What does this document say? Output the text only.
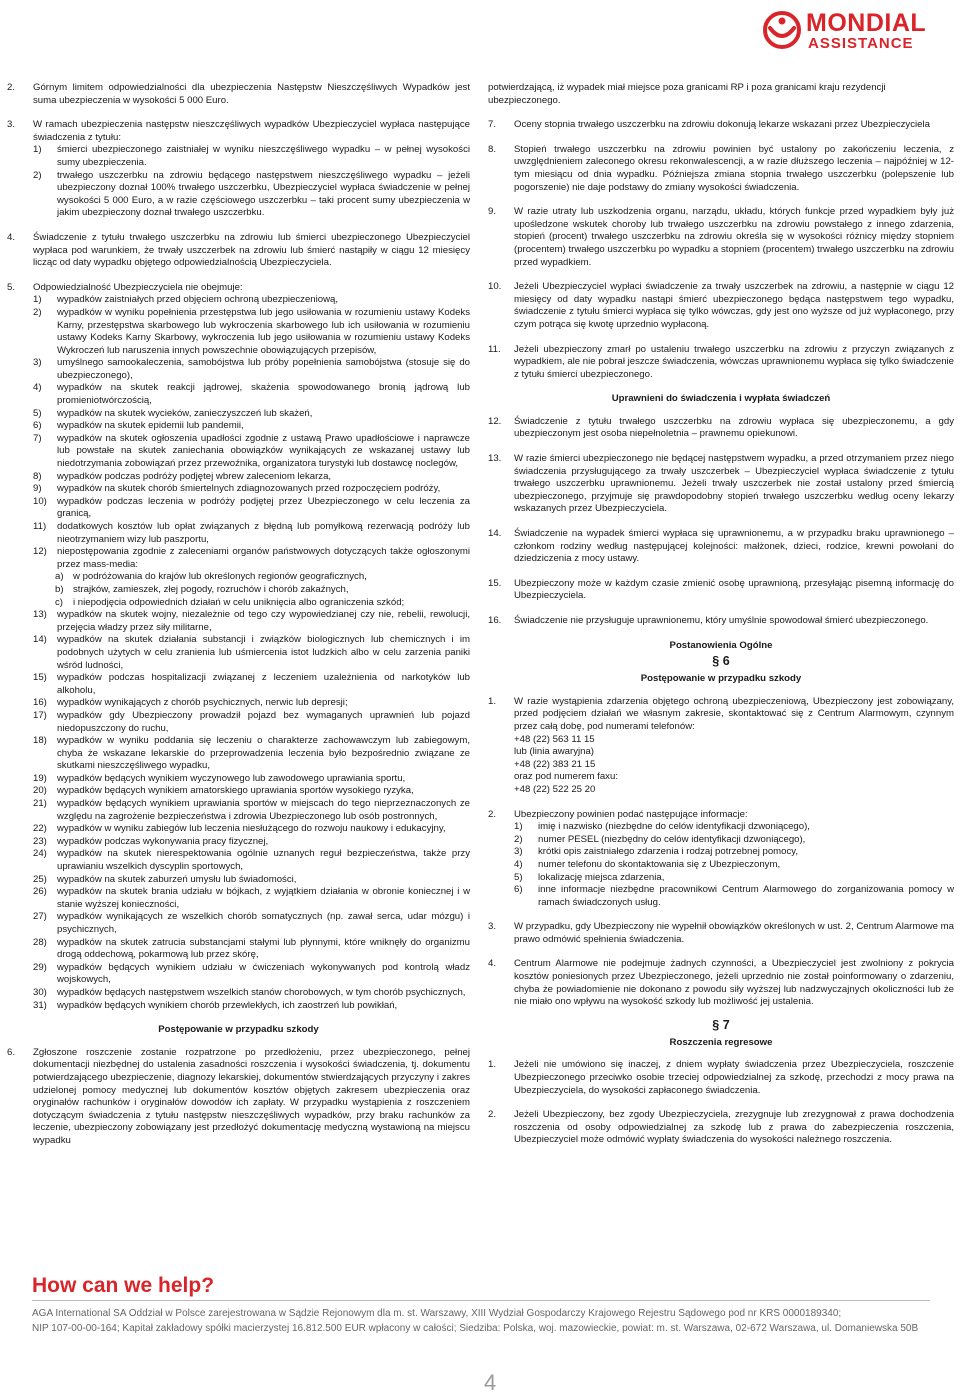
MONDIAL
ASSISTANCE
2. Górnym limitem odpowiedzialności dla ubezpieczenia Następstw Nieszczęśliwych Wypadków jest suma ubezpieczenia w wysokości 5 000 Euro.
3. W ramach ubezpieczenia następstw nieszczęśliwych wypadków Ubezpieczyciel wypłaca następujące świadczenia z tytułu:
1) śmierci ubezpieczonego zaistniałej w wyniku nieszczęśliwego wypadku – w pełnej wysokości sumy ubezpieczenia.
2) trwałego uszczerbku na zdrowiu będącego następstwem nieszczęśliwego wypadku – jeżeli ubezpieczony doznał 100% trwałego uszczerbku, Ubezpieczyciel wypłaca świadczenie w pełnej wysokości 5 000 Euro, a w razie częściowego uszczerbku – taki procent sumy ubezpieczenia w jakim ubezpieczony doznał trwałego uszczerbku.
4. Świadczenie z tytułu trwałego uszczerbku na zdrowiu lub śmierci ubezpieczonego Ubezpieczyciel wypłaca pod warunkiem, że trwały uszczerbek na zdrowiu lub śmierć nastąpiły w ciągu 12 miesięcy licząc od daty wypadku objętego odpowiedzialnością Ubezpieczyciela.
5. Odpowiedzialność Ubezpieczyciela nie obejmuje:
1) wypadków zaistniałych przed objęciem ochroną ubezpieczeniową,
2) wypadków w wyniku popełnienia przestępstwa lub jego usiłowania w rozumieniu ustawy Kodeks Karny, przestępstwa skarbowego lub wykroczenia skarbowego lub ich usiłowania w rozumieniu ustawy Kodeks Karny Skarbowy, wykroczenia lub jego usiłowania w rozumieniu ustawy Kodeks Wykroczeń lub naruszenia innych powszechnie obowiązujących przepisów,
3) umyślnego samookaleczenia, samobójstwa lub próby popełnienia samobójstwa (stosuje się do ubezpieczonego),
4) wypadków na skutek reakcji jądrowej, skażenia spowodowanego bronią jądrową lub promieniotwórczością,
5) wypadków na skutek wycieków, zanieczyszczeń lub skażeń,
6) wypadków na skutek epidemii lub pandemii,
7) wypadków na skutek ogłoszenia upadłości zgodnie z ustawą Prawo upadłościowe i naprawcze lub powstałe na skutek zaniechania obowiązków wynikających ze wskazanej ustawy lub niedotrzymania zobowiązań przez przewoźnika, organizatora turystyki lub dostawcę noclegów,
8) wypadków podczas podróży podjętej wbrew zaleceniom lekarza,
9) wypadków na skutek chorób śmiertelnych zdiagnozowanych przed rozpoczęciem podróży,
10) wypadków podczas leczenia w podróży podjętej przez Ubezpieczonego w celu leczenia za granicą,
11) dodatkowych kosztów lub opłat związanych z błędną lub pomyłkową rezerwacją podróży lub nieotrzymaniem wizy lub paszportu,
12) niepostępowania zgodnie z zaleceniami organów państwowych dotyczących także ogłoszonymi przez mass-media:
a) w podróżowania do krajów lub określonych regionów geograficznych,
b) strajków, zamieszek, złej pogody, rozruchów i chorób zakaźnych,
c) i niepodjęcia odpowiednich działań w celu uniknięcia albo ograniczenia szkód;
13) wypadków na skutek wojny, niezależnie od tego czy wypowiedzianej czy nie, rebelii, rewolucji, przejęcia władzy przez siły militarne,
14) wypadków na skutek działania substancji i związków biologicznych lub chemicznych i im podobnych użytych w celu zranienia lub uśmiercenia istot ludzkich albo w celu zarzenia paniki wśród ludności,
15) wypadków podczas hospitalizacji związanej z leczeniem uzależnienia od narkotyków lub alkoholu,
16) wypadków wynikających z chorób psychicznych, nerwic lub depresji;
17) wypadków gdy Ubezpieczony prowadził pojazd bez wymaganych uprawnień lub pojazd niedopuszczony do ruchu,
18) wypadków w wyniku poddania się leczeniu o charakterze zachowawczym lub zabiegowym, chyba że wskazane lekarskie do przeprowadzenia leczenia było bezpośrednio związane ze skutkami nieszczęśliwego wypadku,
19) wypadków będących wynikiem wyczynowego lub zawodowego uprawiania sportu,
20) wypadków będących wynikiem amatorskiego uprawiania sportów wysokiego ryzyka,
21) wypadków będących wynikiem uprawiania sportów w miejscach do tego nieprzeznaczonych ze względu na zagrożenie bezpieczeństwa i zdrowia Ubezpieczonego lub osób postronnych,
22) wypadków w wyniku zabiegów lub leczenia niesłużącego do rozwoju naukowy i edukacyjny,
23) wypadków podczas wykonywania pracy fizycznej,
24) wypadków na skutek nierespektowania ogólnie uznanych reguł bezpieczeństwa, także przy uprawianiu wszelkich dyscyplin sportowych,
25) wypadków na skutek zaburzeń umysłu lub świadomości,
26) wypadków na skutek brania udziału w bójkach, z wyjątkiem działania w obronie koniecznej i w stanie wyższej konieczności,
27) wypadków wynikających ze wszelkich chorób somatycznych (np. zawał serca, udar mózgu) i psychicznych,
28) wypadków na skutek zatrucia substancjami stałymi lub płynnymi, które wniknęły do organizmu drogą oddechową, pokarmową lub przez skórę,
29) wypadków będących wynikiem udziału w ćwiczeniach wykonywanych pod kontrolą władz wojskowych,
30) wypadków będących następstwem wszelkich stanów chorobowych, w tym chorób psychicznych,
31) wypadków będących wynikiem chorób przewlekłych, ich zaostrzeń lub powikłań,
Postępowanie w przypadku szkody
6. Zgłoszone roszczenie zostanie rozpatrzone po przedłożeniu, przez ubezpieczonego, pełnej dokumentacji niezbędnej do ustalenia zasadności roszczenia i wysokości świadczenia, tj. dokumentu potwierdzającego ubezpieczenie, diagnozy lekarskiej, dokumentów stwierdzających przyczyny i zakres udzielonej pomocy medycznej lub dokumentów kosztów objętych zakresem ubezpieczenia oraz oryginałów rachunków i oryginałów dowodów ich zapłaty. W przypadku wystąpienia z roszczeniem dotyczącym świadczenia z tytułu następstw nieszczęśliwych wypadków, przy braku rachunków za leczenie, ubezpieczony zobowiązany jest przedłożyć dokumentację medyczną wystawioną na miejscu wypadku
potwierdzającą, iż wypadek miał miejsce poza granicami RP i poza granicami kraju rezydencji ubezpieczonego.
7. Oceny stopnia trwałego uszczerbku na zdrowiu dokonują lekarze wskazani przez Ubezpieczyciela
8. Stopień trwałego uszczerbku na zdrowiu powinien być ustalony po zakończeniu leczenia, z uwzględnieniem zaleconego okresu rekonwalescencji, a w razie dłuższego leczenia – najpóźniej w 12-tym miesiącu od dnia wypadku. Późniejsza zmiana stopnia trwałego uszczerbku (polepszenie lub pogorszenie) nie daje podstawy do zmiany wysokości świadczenia.
9. W razie utraty lub uszkodzenia organu, narządu, układu, których funkcje przed wypadkiem były już upośledzone wskutek choroby lub trwałego uszczerbku na zdrowiu powstałego z innego zdarzenia, stopień (procent) trwałego uszczerbku na zdrowiu określa się w wysokości różnicy między stopniem (procentem) trwałego uszczerbku po wypadku a stopniem (procentem) trwałego uszczerbku na zdrowiu przed wypadkiem.
10. Jeżeli Ubezpieczyciel wypłaci świadczenie za trwały uszczerbek na zdrowiu, a następnie w ciągu 12 miesięcy od daty wypadku nastąpi śmierć ubezpieczonego będąca następstwem tego wypadku, świadczenie z tytułu śmierci wypłaca się tylko wówczas, gdy jest ono wyższe od już wypłaconego, przy czym potrąca się kwotę uprzednio wypłaconą.
11. Jeżeli ubezpieczony zmarł po ustaleniu trwałego uszczerbku na zdrowiu z przyczyn związanych z wypadkiem, ale nie pobrał jeszcze świadczenia, wówczas uprawnionemu wypłaca się tylko świadczenie z tytułu śmierci ubezpieczonego.
Uprawnieni do świadczenia i wypłata świadczeń
12. Świadczenie z tytułu trwałego uszczerbku na zdrowiu wypłaca się ubezpieczonemu, a gdy ubezpieczonym jest osoba niepełnoletnia – prawnemu opiekunowi.
13. W razie śmierci ubezpieczonego nie będącej następstwem wypadku, a przed otrzymaniem przez niego świadczenia przysługującego za trwały uszczerbek – Ubezpieczyciel wypłaca świadczenie z tytułu trwałego uszczerbku uprawnionemu. Jeżeli trwały uszczerbek nie został ustalony przed śmiercią ubezpieczonego, przyjmuje się prawdopodobny stopień trwałego uszczerbku według oceny lekarzy wskazanych przez Ubezpieczyciela.
14. Świadczenie na wypadek śmierci wypłaca się uprawnionemu, a w przypadku braku uprawnionego – członkom rodziny według następującej kolejności: małżonek, dzieci, rodzice, krewni powołani do dziedziczenia z mocy ustawy.
15. Ubezpieczony może w każdym czasie zmienić osobę uprawnioną, przesyłając pisemną informację do Ubezpieczyciela.
16. Świadczenie nie przysługuje uprawnionemu, który umyślnie spowodował śmierć ubezpieczonego.
Postanowienia Ogólne
§ 6
Postępowanie w przypadku szkody
1. W razie wystąpienia zdarzenia objętego ochroną ubezpieczeniową, Ubezpieczony jest zobowiązany, przed podjęciem działań we własnym zakresie, skontaktować się z Centrum Alarmowym, czynnym przez całą dobę, pod numerami telefonów:
+48 (22) 563 11 15
lub (linia awaryjna)
+48 (22) 383 21 15
oraz pod numerem faxu:
+48 (22) 522 25 20
2. Ubezpieczony powinien podać następujące informacje:
1) imię i nazwisko (niezbędne do celów identyfikacji dzwoniącego),
2) numer PESEL (niezbędny do celów identyfikacji dzwoniącego),
3) krótki opis zaistniałego zdarzenia i rodzaj potrzebnej pomocy,
4) numer telefonu do skontaktowania się z Ubezpieczonym,
5) lokalizację miejsca zdarzenia,
6) inne informacje niezbędne pracownikowi Centrum Alarmowego do zorganizowania pomocy w ramach świadczonych usług.
3. W przypadku, gdy Ubezpieczony nie wypełnił obowiązków określonych w ust. 2, Centrum Alarmowe ma prawo odmówić spełnienia świadczenia.
4. Centrum Alarmowe nie podejmuje żadnych czynności, a Ubezpieczyciel jest zwolniony z pokrycia kosztów poniesionych przez Ubezpieczonego, jeżeli uprzednio nie został poinformowany o zdarzeniu, chyba że powiadomienie nie dokonano z powodu siły wyższej lub nadzwyczajnych okoliczności lub że nie miało ono wpływu na wysokość szkody lub możliwość jej ustalenia.
§ 7
Roszczenia regresowe
1. Jeżeli nie umówiono się inaczej, z dniem wypłaty świadczenia przez Ubezpieczyciela, roszczenie Ubezpieczonego przeciwko osobie trzeciej odpowiedzialnej za szkodę, przechodzi z mocy prawa na Ubezpieczyciela, do wysokości zapłaconego świadczenia.
2. Jeżeli Ubezpieczony, bez zgody Ubezpieczyciela, zrezygnuje lub zrezygnował z prawa dochodzenia roszczenia od osoby odpowiedzialnej za szkodę lub z prawa do zabezpieczenia roszczenia, Ubezpieczyciel może odmówić wypłaty świadczenia do wysokości należnego roszczenia.
How can we help?
AGA International SA Oddział w Polsce zarejestrowana w Sądzie Rejonowym dla m. st. Warszawy, XIII Wydział Gospodarczy Krajowego Rejestru Sądowego pod nr KRS 0000189340;
NIP 107-00-00-164; Kapitał zakładowy spółki macierzystej 16.812.500 EUR wpłacony w całości; Siedziba: Polska, woj. mazowieckie, powiat: m. st. Warszawa, 02-672 Warszawa, ul. Domaniewska 50B
4
